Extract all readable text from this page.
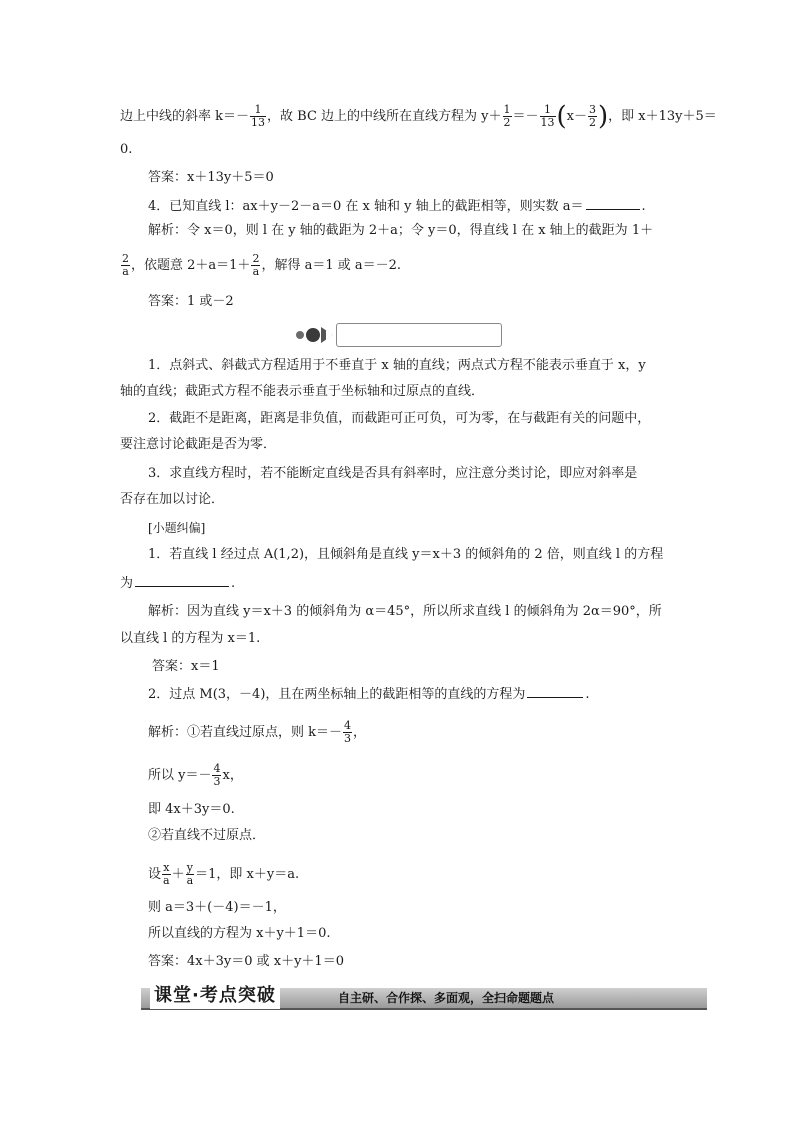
边上中线的斜率 $k=- \frac{1}{13}$ ，故 BC 边上的中线所在直线方程为 $y+ \frac{1}{2} =- \frac{1}{13} (x- \frac{3}{2}$ )，即 x＋13y＋5＝
0.
答案：x＋13y＋5＝0
4．已知直线 l：ax＋y－2－a＝0 在 x 轴和 y 轴上的截距相等，则实数 a＝	.
解析：令 x＝0，则 l 在 y 轴的截距为 2＋a；令 y＝0，得直线 l 在 x 轴上的截距为 1＋
$\frac{2}{a}$ ，依题意 $2+a=1+ \frac{2}{a}$ ，解得 a＝1 或 a＝－2.
答案：1 或－2
1．点斜式、斜截式方程适用于不垂直于 x 轴的直线；两点式方程不能表示垂直于 x，y
轴的直线；截距式方程不能表示垂直于坐标轴和过原点的直线．
2．截距不是距离，距离是非负值，而截距可正可负，可为零，在与截距有关的问题中，
要注意讨论截距是否为零．
3．求直线方程时，若不能断定直线是否具有斜率时，应注意分类讨论，即应对斜率是
否存在加以讨论．
[小题纠偏]
1．若直线 l 经过点 A(1,2)，且倾斜角是直线 y＝x＋3 的倾斜角的 2 倍，则直线 l 的方程
为	.
解析：因为直线 y＝x＋3 的倾斜角为 α＝45°，所以所求直线 l 的倾斜角为 2α＝90°，所
以直线 l 的方程为 x＝1.
答案：x＝1
2．过点 M(3，－4)，且在两坐标轴上的截距相等的直线的方程为	.
解析：①若直线过原点，则 $k=- \frac{4}{3}$ ，
所以 $y=- \frac{4}{3}$ x，
即 4x＋3y＝0.
②若直线不过原点．
设 $\frac{x}{a} + \frac{y}{a} =1$，即 x＋y＝a.
则 a＝3＋(－4)＝－1，
所以直线的方程为 x＋y＋1＝0.
答案：4x＋3y＝0 或 x＋y＋1＝0
课堂·考点突破	自主研、合作探、多面观，全扫命题题点
